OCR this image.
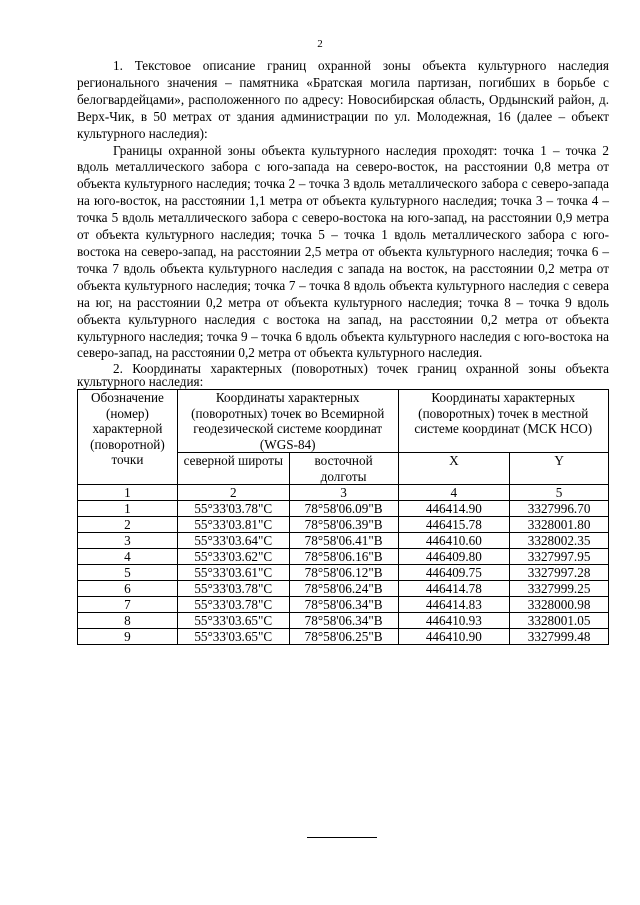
2

1. Текстовое описание границ охранной зоны объекта культурного наследия регионального значения – памятника «Братская могила партизан, погибших в борьбе с белогвардейцами», расположенного по адресу: Новосибирская область, Ордынский район, д. Верх-Чик, в 50 метрах от здания администрации по ул. Молодежная, 16 (далее – объект культурного наследия):

Границы охранной зоны объекта культурного наследия проходят: точка 1 – точка 2 вдоль металлического забора с юго-запада на северо-восток, на расстоянии 0,8 метра от объекта культурного наследия; точка 2 – точка 3 вдоль металлического забора с северо-запада на юго-восток, на расстоянии 1,1 метра от объекта культурного наследия; точка 3 – точка 4 – точка 5 вдоль металлического забора с северо-востока на юго-запад, на расстоянии 0,9 метра от объекта культурного наследия; точка 5 – точка 1 вдоль металлического забора с юго-востока на северо-запад, на расстоянии 2,5 метра от объекта культурного наследия; точка 6 – точка 7 вдоль объекта культурного наследия с запада на восток, на расстоянии 0,2 метра от объекта культурного наследия; точка 7 – точка 8 вдоль объекта культурного наследия с севера на юг, на расстоянии 0,2 метра от объекта культурного наследия; точка 8 – точка 9 вдоль объекта культурного наследия с востока на запад, на расстоянии 0,2 метра от объекта культурного наследия; точка 9 – точка 6 вдоль объекта культурного наследия с юго-востока на северо-запад, на расстоянии 0,2 метра от объекта культурного наследия.

2. Координаты характерных (поворотных) точек границ охранной зоны объекта культурного наследия:

Обозначение (номер) характерной (поворотной) точки	Координаты характерных (поворотных) точек во Всемирной геодезической системе координат (WGS-84)		Координаты характерных (поворотных) точек в местной системе координат (МСК НСО)	
	северной широты	восточной долготы	X	Y
1	2	3	4	5
1	55°33'03.78"С	78°58'06.09"В	446414.90	3327996.70
2	55°33'03.81"С	78°58'06.39"В	446415.78	3328001.80
3	55°33'03.64"С	78°58'06.41"В	446410.60	3328002.35
4	55°33'03.62"С	78°58'06.16"В	446409.80	3327997.95
5	55°33'03.61"С	78°58'06.12"В	446409.75	3327997.28
6	55°33'03.78"С	78°58'06.24"В	446414.78	3327999.25
7	55°33'03.78"С	78°58'06.34"В	446414.83	3328000.98
8	55°33'03.65"С	78°58'06.34"В	446410.93	3328001.05
9	55°33'03.65"С	78°58'06.25"В	446410.90	3327999.48
